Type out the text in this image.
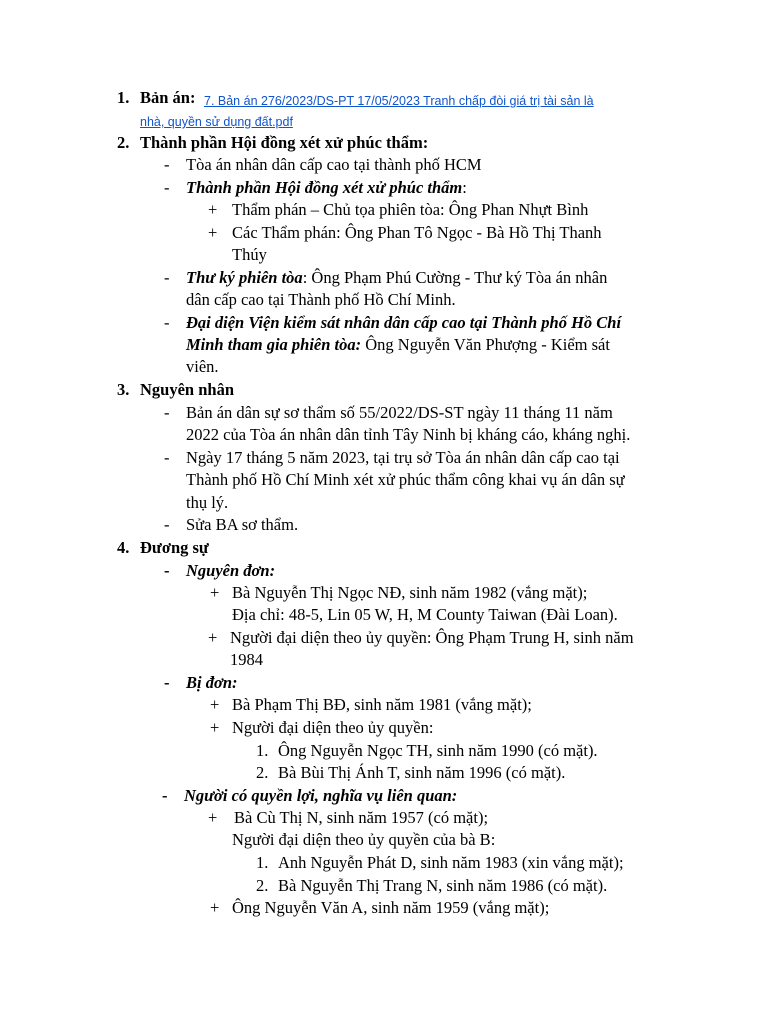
1. Bản án: 7. Bản án 276/2023/DS-PT 17/05/2023 Tranh chấp đòi giá trị tài sản là
nhà, quyền sử dụng đất.pdf
2. Thành phần Hội đồng xét xử phúc thẩm:
- Tòa án nhân dân cấp cao tại thành phố HCM
- Thành phần Hội đồng xét xử phúc thẩm:
+ Thẩm phán – Chủ tọa phiên tòa: Ông Phan Nhựt Bình
+ Các Thẩm phán: Ông Phan Tô Ngọc - Bà Hồ Thị Thanh
Thúy
- Thư ký phiên tòa: Ông Phạm Phú Cường - Thư ký Tòa án nhân
dân cấp cao tại Thành phố Hồ Chí Minh.
- Đại diện Viện kiểm sát nhân dân cấp cao tại Thành phố Hồ Chí
Minh tham gia phiên tòa: Ông Nguyễn Văn Phượng - Kiểm sát
viên.
3. Nguyên nhân
- Bản án dân sự sơ thẩm số 55/2022/DS-ST ngày 11 tháng 11 năm
2022 của Tòa án nhân dân tỉnh Tây Ninh bị kháng cáo, kháng nghị.
- Ngày 17 tháng 5 năm 2023, tại trụ sở Tòa án nhân dân cấp cao tại
Thành phố Hồ Chí Minh xét xử phúc thẩm công khai vụ án dân sự
thụ lý.
- Sửa BA sơ thẩm.
4. Đương sự
- Nguyên đơn:
+ Bà Nguyễn Thị Ngọc NĐ, sinh năm 1982 (vắng mặt);
Địa chỉ: 48-5, Lin 05 W, H, M County Taiwan (Đài Loan).
+ Người đại diện theo ủy quyền: Ông Phạm Trung H, sinh năm
1984
- Bị đơn:
+ Bà Phạm Thị BĐ, sinh năm 1981 (vắng mặt);
+ Người đại diện theo ủy quyền:
1. Ông Nguyễn Ngọc TH, sinh năm 1990 (có mặt).
2. Bà Bùi Thị Ánh T, sinh năm 1996 (có mặt).
- Người có quyền lợi, nghĩa vụ liên quan:
+ Bà Cù Thị N, sinh năm 1957 (có mặt);
Người đại diện theo ủy quyền của bà B:
1. Anh Nguyễn Phát D, sinh năm 1983 (xin vắng mặt);
2. Bà Nguyễn Thị Trang N, sinh năm 1986 (có mặt).
+ Ông Nguyễn Văn A, sinh năm 1959 (vắng mặt);
